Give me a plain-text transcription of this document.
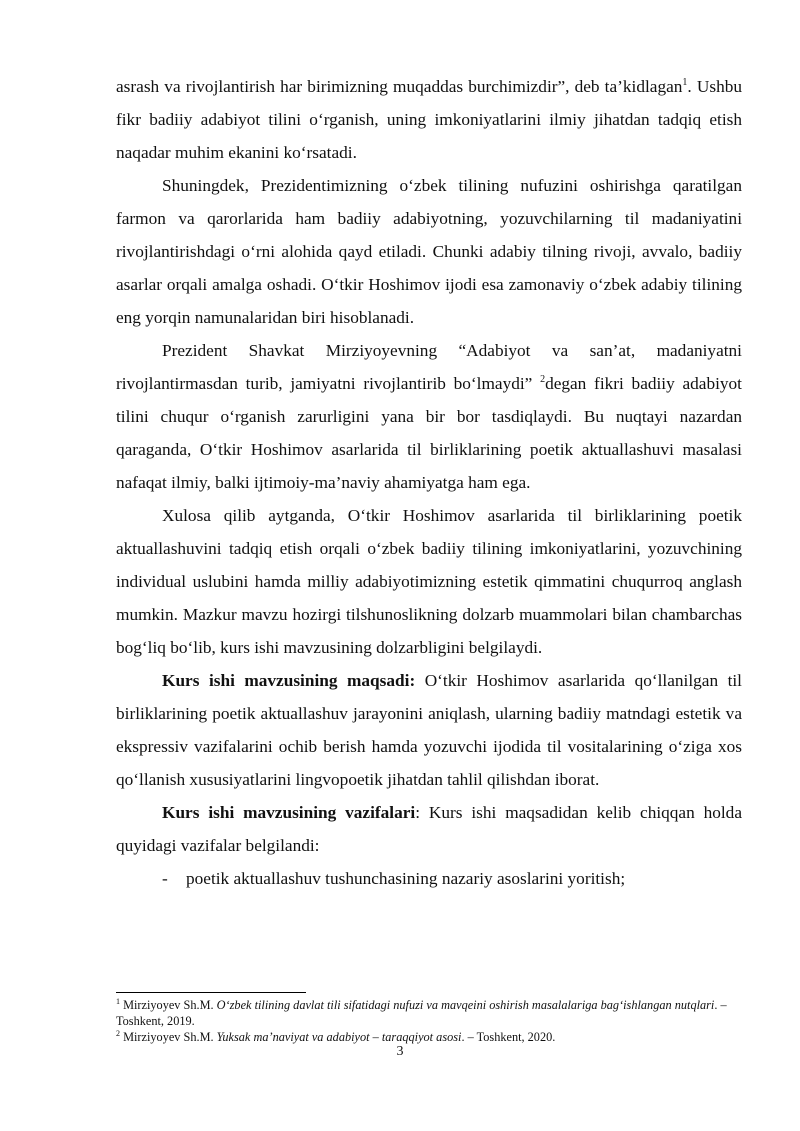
asrash va rivojlantirish har birimizning muqaddas burchimizdir”, deb ta’kidlagan$^1$. Ushbu fikr badiiy adabiyot tilini o‘rganish, uning imkoniyatlarini ilmiy jihatdan tadqiq etish naqadar muhim ekanini ko‘rsatadi.

Shuningdek, Prezidentimizning o‘zbek tilining nufuzini oshirishga qaratilgan farmon va qarorlarida ham badiiy adabiyotning, yozuvchilarning til madaniyatini rivojlantirishdagi o‘rni alohida qayd etiladi. Chunki adabiy tilning rivoji, avvalo, badiiy asarlar orqali amalga oshadi. O‘tkir Hoshimov ijodi esa zamonaviy o‘zbek adabiy tilining eng yorqin namunalaridan biri hisoblanadi.

Prezident Shavkat Mirziyoyevning “Adabiyot va san’at, madaniyatni rivojlantirmasdan turib, jamiyatni rivojlantirib bo‘lmaydi” $^2$degan fikri badiiy adabiyot tilini chuqur o‘rganish zarurligini yana bir bor tasdiqlaydi. Bu nuqtayi nazardan qaraganda, O‘tkir Hoshimov asarlarida til birliklarining poetik aktuallashuvi masalasi nafaqat ilmiy, balki ijtimoiy-ma’naviy ahamiyatga ham ega.

Xulosa qilib aytganda, O‘tkir Hoshimov asarlarida til birliklarining poetik aktuallashuvini tadqiq etish orqali o‘zbek badiiy tilining imkoniyatlarini, yozuvchining individual uslubini hamda milliy adabiyotimizning estetik qimmatini chuqurroq anglash mumkin. Mazkur mavzu hozirgi tilshunoslikning dolzarb muammolari bilan chambarchas bog‘liq bo‘lib, kurs ishi mavzusining dolzarbligini belgilaydi.

Kurs ishi mavzusining maqsadi: O‘tkir Hoshimov asarlarida qo‘llanilgan til birliklarining poetik aktuallashuv jarayonini aniqlash, ularning badiiy matndagi estetik va ekspressiv vazifalarini ochib berish hamda yozuvchi ijodida til vositalarining o‘ziga xos qo‘llanish xususiyatlarini lingvopoetik jihatdan tahlil qilishdan iborat.

Kurs ishi mavzusining vazifalari: Kurs ishi maqsadidan kelib chiqqan holda quyidagi vazifalar belgilandi:

-	poetik aktuallashuv tushunchasining nazariy asoslarini yoritish;

$^1$ Mirziyoyev Sh.M. O‘zbek tilining davlat tili sifatidagi nufuzi va mavqeini oshirish masalalariga bag‘ishlangan nutqlari. – Toshkent, 2019.

$^2$ Mirziyoyev Sh.M. Yuksak ma’naviyat va adabiyot – taraqqiyot asosi. – Toshkent, 2020.

3
